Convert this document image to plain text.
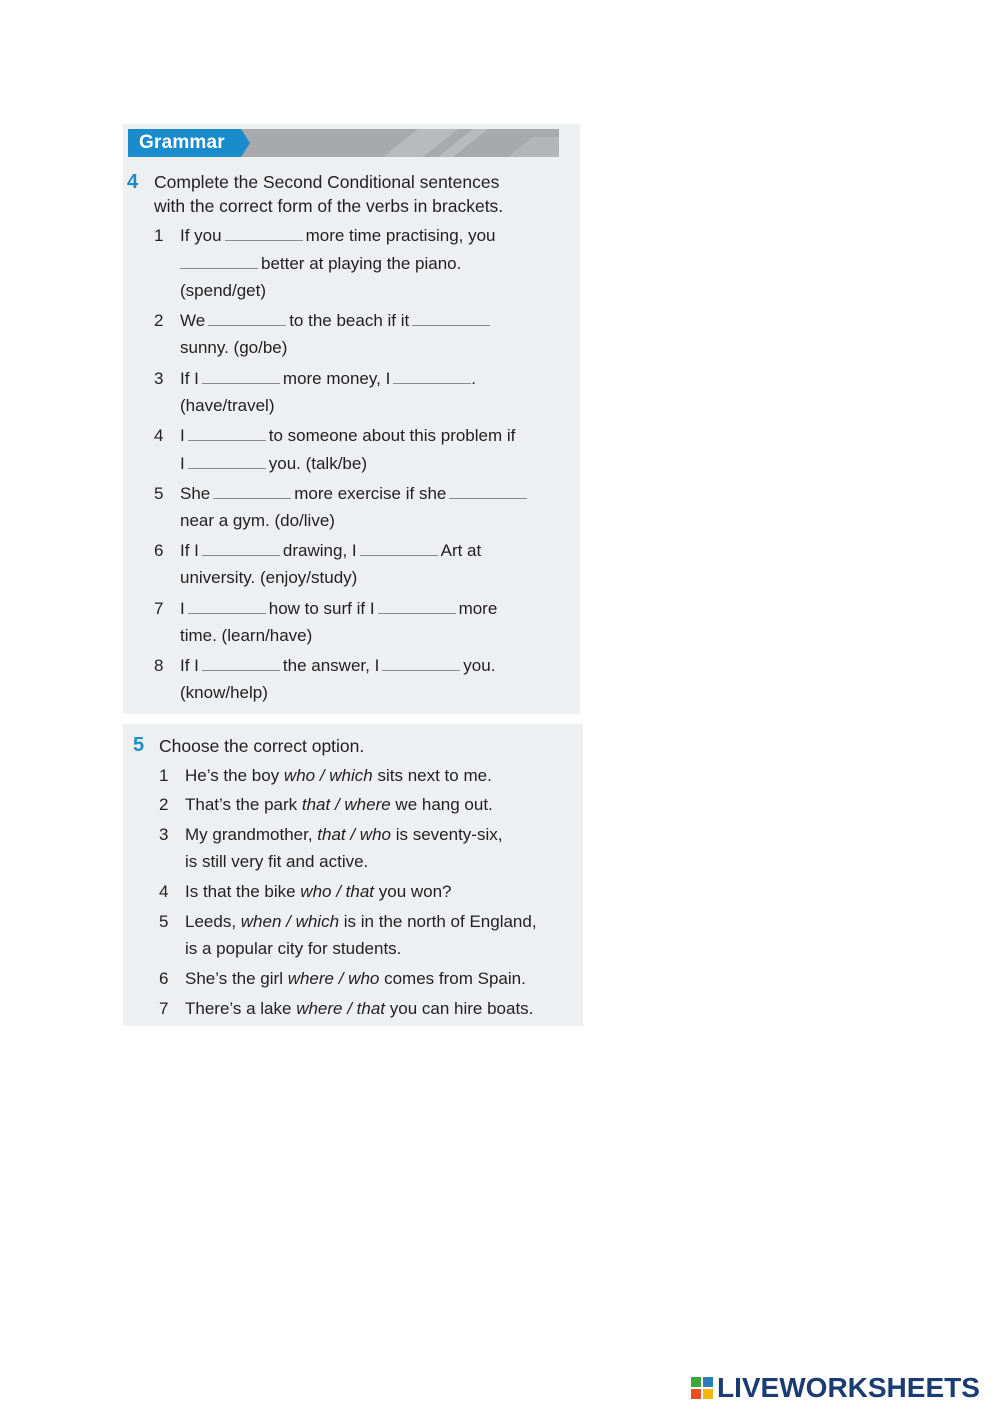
Grammar
4 Complete the Second Conditional sentences
with the correct form of the verbs in brackets.
1 If you	more time practising, you
better at playing the piano.
(spend/get)
2 We	to the beach if it
sunny. (go/be)
3 If I	more money, I	.
(have/travel)
4 I	to someone about this problem if
I	you. (talk/be)
5 She	more exercise if she
near a gym. (do/live)
6 If I	drawing, I	Art at
university. (enjoy/study)
7 I	how to surf if I	more
time. (learn/have)
8 If I	the answer, I	you.
(know/help)
5 Choose the correct option.
1 He’s the boy who / which sits next to me.
2 That’s the park that / where we hang out.
3 My grandmother, that / who is seventy-six,
is still very fit and active.
4 Is that the bike who / that you won?
5 Leeds, when / which is in the north of England,
is a popular city for students.
6 She’s the girl where / who comes from Spain.
7 There’s a lake where / that you can hire boats.
LIVEWORKSHEETS
